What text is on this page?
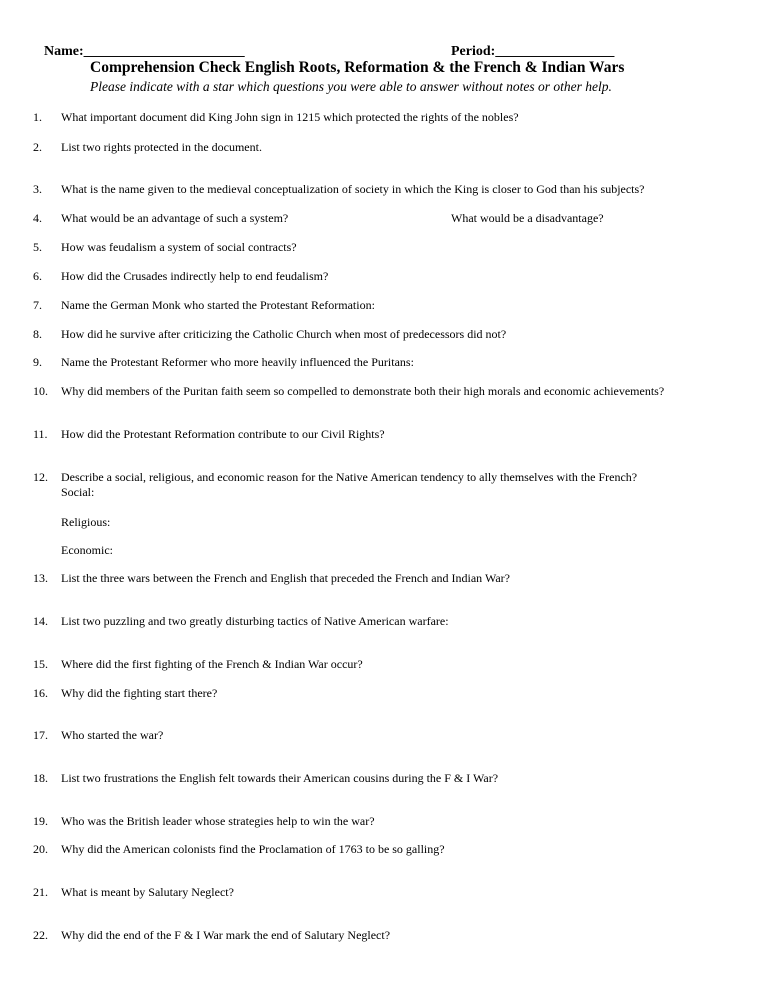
Name:_______________________	Period:_________________
Comprehension Check English Roots, Reformation & the French & Indian Wars
Please indicate with a star which questions you were able to answer without notes or other help.
1. What important document did King John sign in 1215 which protected the rights of the nobles?
2. List two rights protected in the document.
3. What is the name given to the medieval conceptualization of society in which the King is closer to God than his subjects?
4. What would be an advantage of such a system?	What would be a disadvantage?
5. How was feudalism a system of social contracts?
6. How did the Crusades indirectly help to end feudalism?
7. Name the German Monk who started the Protestant Reformation:
8. How did he survive after criticizing the Catholic Church when most of predecessors did not?
9. Name the Protestant Reformer who more heavily influenced the Puritans:
10. Why did members of the Puritan faith seem so compelled to demonstrate both their high morals and economic achievements?
11. How did the Protestant Reformation contribute to our Civil Rights?
12. Describe a social, religious, and economic reason for the Native American tendency to ally themselves with the French?
Social:
Religious:
Economic:
13. List the three wars between the French and English that preceded the French and Indian War?
14. List two puzzling and two greatly disturbing tactics of Native American warfare:
15. Where did the first fighting of the French & Indian War occur?
16. Why did the fighting start there?
17. Who started the war?
18. List two frustrations the English felt towards their American cousins during the F & I War?
19. Who was the British leader whose strategies help to win the war?
20. Why did the American colonists find the Proclamation of 1763 to be so galling?
21. What is meant by Salutary Neglect?
22. Why did the end of the F & I War mark the end of Salutary Neglect?
